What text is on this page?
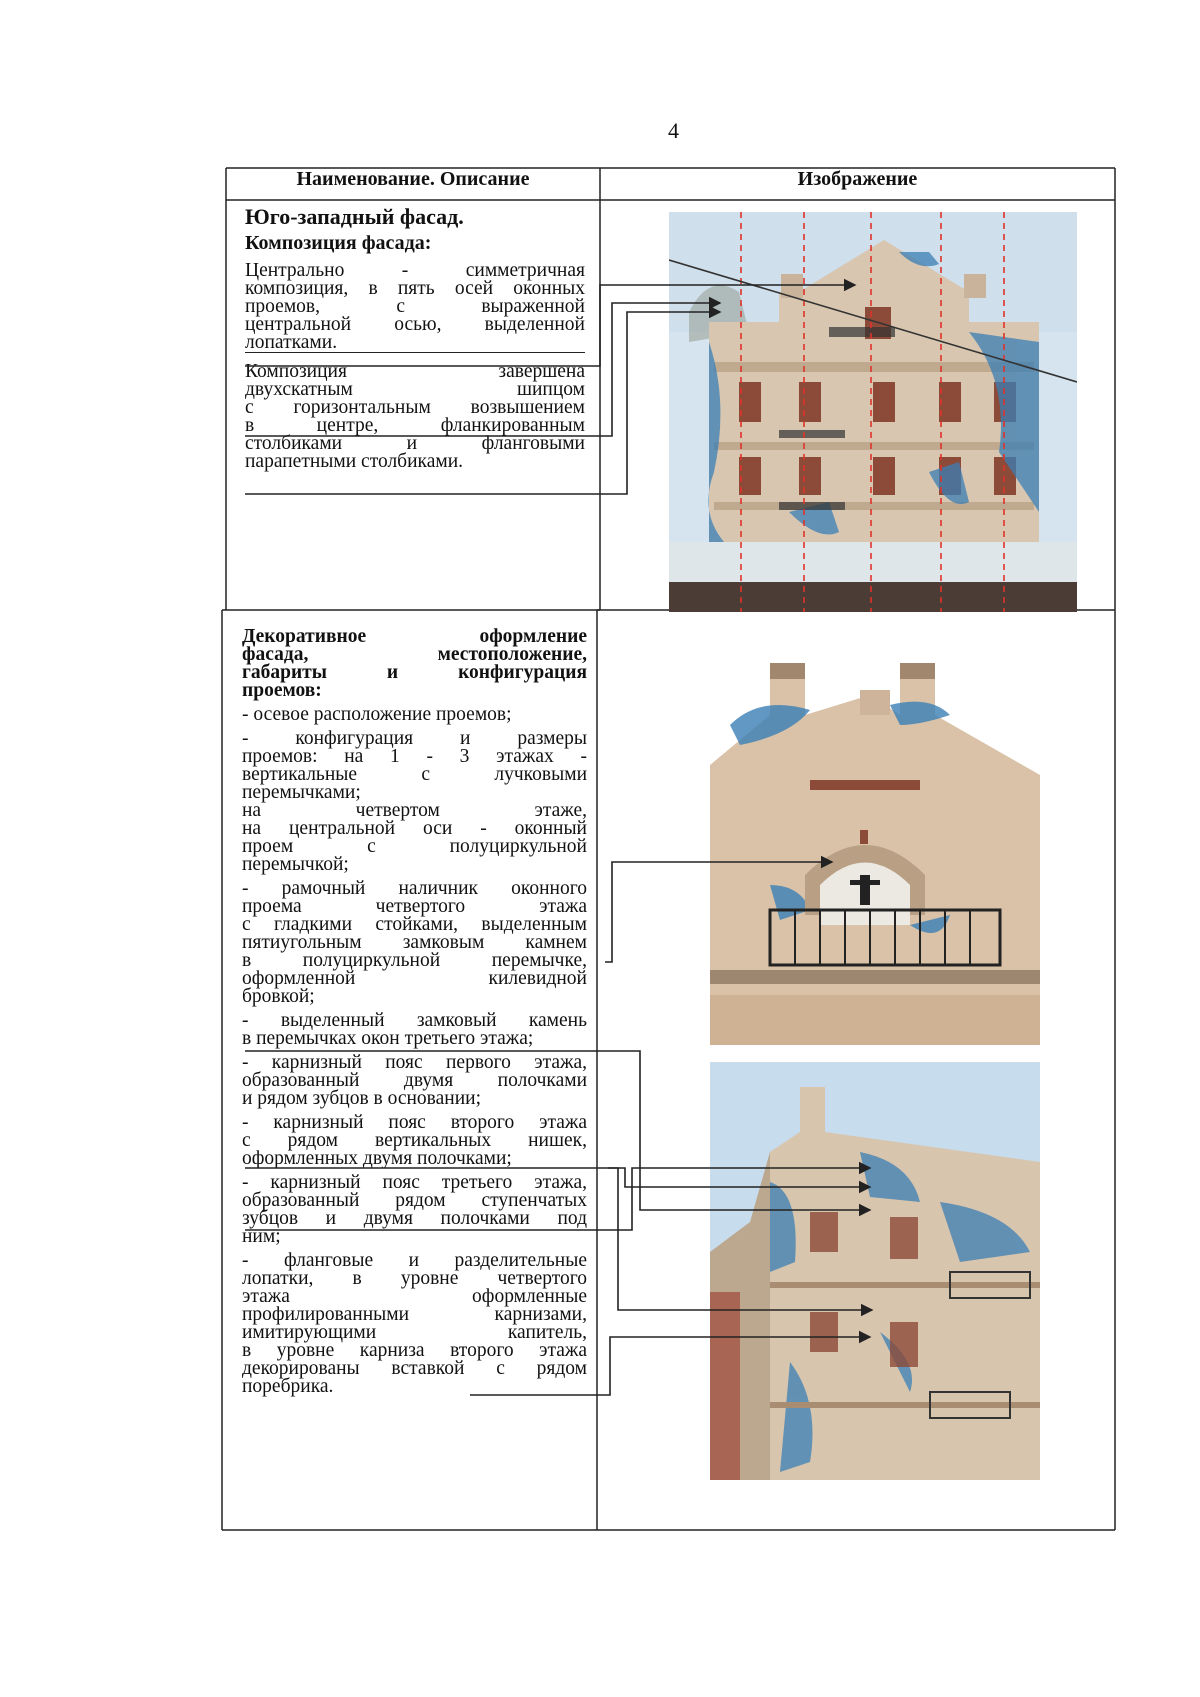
4
Наименование. Описание	Изображение

Юго-западный фасад.

Композиция фасада:

Центрально - симметричная

композиция, в пять осей оконных

проемов, с выраженной

центральной осью, выделенной

лопатками.

Композиция завершена

двухскатным шипцом

с горизонтальным возвышением

в центре, фланкированным

столбиками и фланговыми

парапетными столбиками.

Декоративное оформление

фасада, местоположение,

габариты и конфигурация

проемов:

- осевое расположение проемов;

- конфигурация и размеры

проемов: на 1 - 3 этажах -

вертикальные с лучковыми

перемычками;

на четвертом этаже,

на центральной оси - оконный

проем с полуциркульной

перемычкой;

- рамочный наличник оконного

проема четвертого этажа

с гладкими стойками, выделенным

пятиугольным замковым камнем

в полуциркульной перемычке,

оформленной килевидной

бровкой;

- выделенный замковый камень

в перемычках окон третьего этажа;

- карнизный пояс первого этажа,

образованный двумя полочками

и рядом зубцов в основании;

- карнизный пояс второго этажа

с рядом вертикальных нишек,

оформленных двумя полочками;

- карнизный пояс третьего этажа,

образованный рядом ступенчатых

зубцов и двумя полочками под

ним;

- фланговые и разделительные

лопатки, в уровне четвертого

этажа оформленные

профилированными карнизами,

имитирующими капитель,

в уровне карниза второго этажа

декорированы вставкой с рядом

поребрика.
